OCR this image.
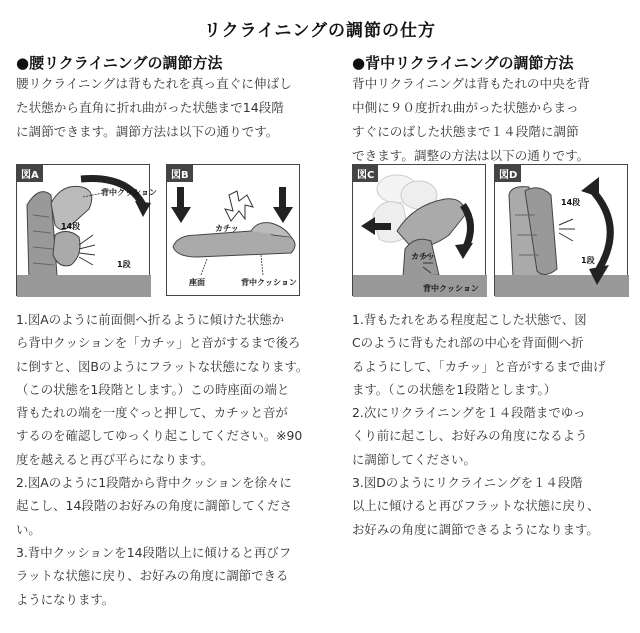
リクライニングの調節の仕方
●腰リクライニングの調節方法
腰リクライニングは背もたれを真っ直ぐに伸ばし
た状態から直角に折れ曲がった状態まで14段階
に調節できます。調節方法は以下の通りです。
図A
背中クッション
14段
1段
図B
カチッ
座面	背中クッション

1.図Aのように前面側へ折るように傾けた状態か

ら背中クッションを「カチッ」と音がするまで後ろ

に倒すと、図Bのようにフラットな状態になります。

（この状態を1段階とします。）この時座面の端と

背もたれの端を一度ぐっと押して、カチッと音が

するのを確認してゆっくり起こしてください。※90

度を越えると再び平らになります。

2.図Aのように1段階から背中クッションを徐々に

起こし、14段階のお好みの角度に調節してくださ

い。

3.背中クッションを14段階以上に傾けると再びフ

ラットな状態に戻り、お好みの角度に調節できる

ようになります。

●背中リクライニングの調節方法
背中リクライニングは背もたれの中央を背
中側に９０度折れ曲がった状態からまっ
すぐにのばした状態まで１４段階に調節
できます。調整の方法は以下の通りです。
図C
カチッ
背中クッション
図D
14段
1段

1.背もたれをある程度起こした状態で、図

Cのように背もたれ部の中心を背面側へ折

るようにして、「カチッ」と音がするまで曲げ

ます。（この状態を1段階とします。）

2.次にリクライニングを１４段階までゆっ

くり前に起こし、お好みの角度になるよう

に調節してください。

3.図Dのようにリクライニングを１４段階

以上に傾けると再びフラットな状態に戻り、

お好みの角度に調節できるようになります。
